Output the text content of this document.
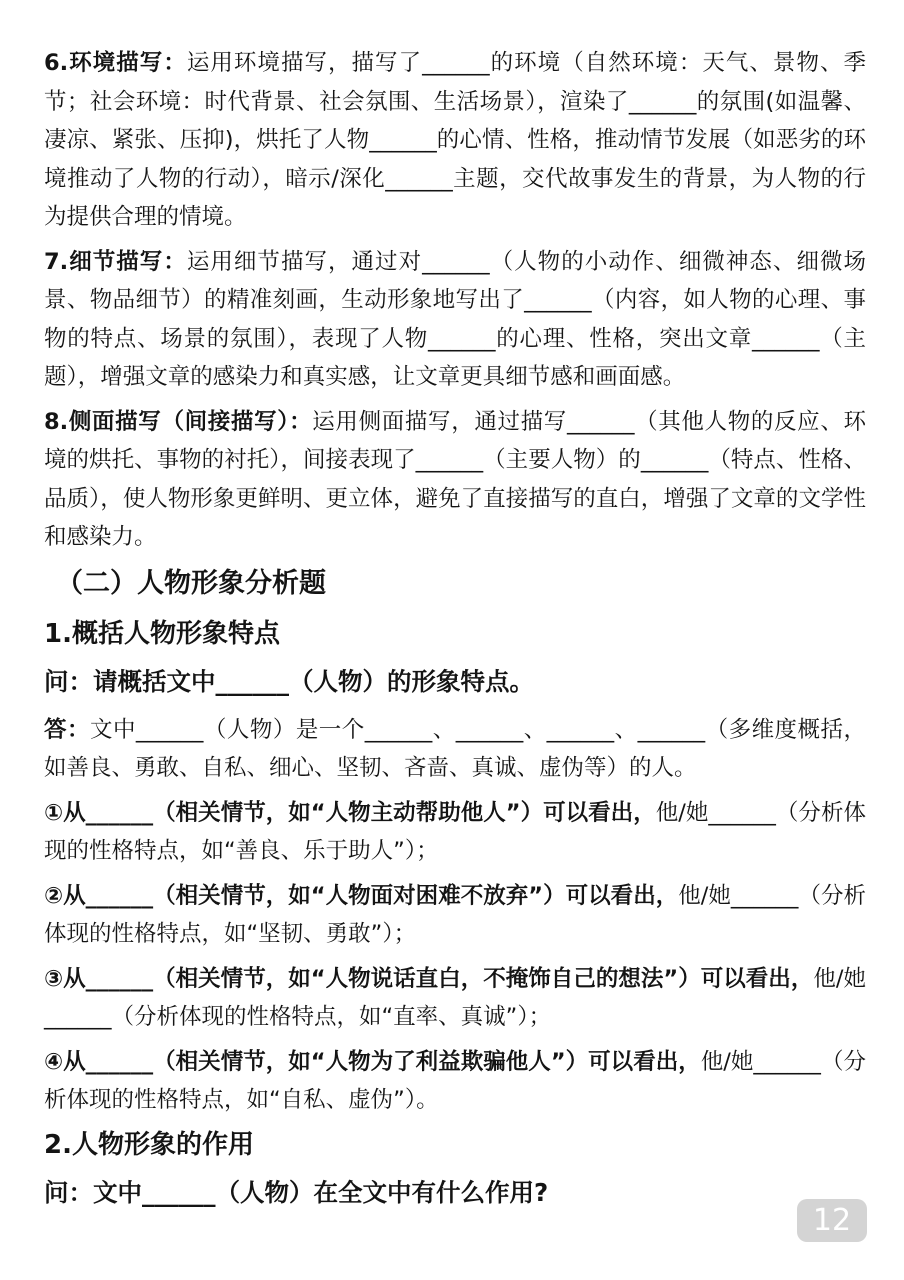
6.环境描写：运用环境描写，描写了______的环境（自然环境：天气、景物、季节；社会环境：时代背景、社会氛围、生活场景），渲染了______的氛围(如温馨、凄凉、紧张、压抑)，烘托了人物______的心情、性格，推动情节发展（如恶劣的环境推动了人物的行动），暗示/深化______主题，交代故事发生的背景，为人物的行为提供合理的情境。

7.细节描写：运用细节描写，通过对______（人物的小动作、细微神态、细微场景、物品细节）的精准刻画，生动形象地写出了______（内容，如人物的心理、事物的特点、场景的氛围），表现了人物______的心理、性格，突出文章______（主题），增强文章的感染力和真实感，让文章更具细节感和画面感。

8.侧面描写（间接描写）：运用侧面描写，通过描写______（其他人物的反应、环境的烘托、事物的衬托），间接表现了______（主要人物）的______（特点、性格、品质），使人物形象更鲜明、更立体，避免了直接描写的直白，增强了文章的文学性和感染力。

（二）人物形象分析题
1.概括人物形象特点
问：请概括文中______（人物）的形象特点。

答：文中______（人物）是一个______、______、______、______（多维度概括，如善良、勇敢、自私、细心、坚韧、吝啬、真诚、虚伪等）的人。

①从______（相关情节，如“人物主动帮助他人”）可以看出，他/她______（分析体现的性格特点，如“善良、乐于助人”）；

②从______（相关情节，如“人物面对困难不放弃”）可以看出，他/她______（分析体现的性格特点，如“坚韧、勇敢”）；

③从______（相关情节，如“人物说话直白，不掩饰自己的想法”）可以看出，他/她______（分析体现的性格特点，如“直率、真诚”）；

④从______（相关情节，如“人物为了利益欺骗他人”）可以看出，他/她______（分析体现的性格特点，如“自私、虚伪”）。

2.人物形象的作用
问：文中______（人物）在全文中有什么作用?
12
